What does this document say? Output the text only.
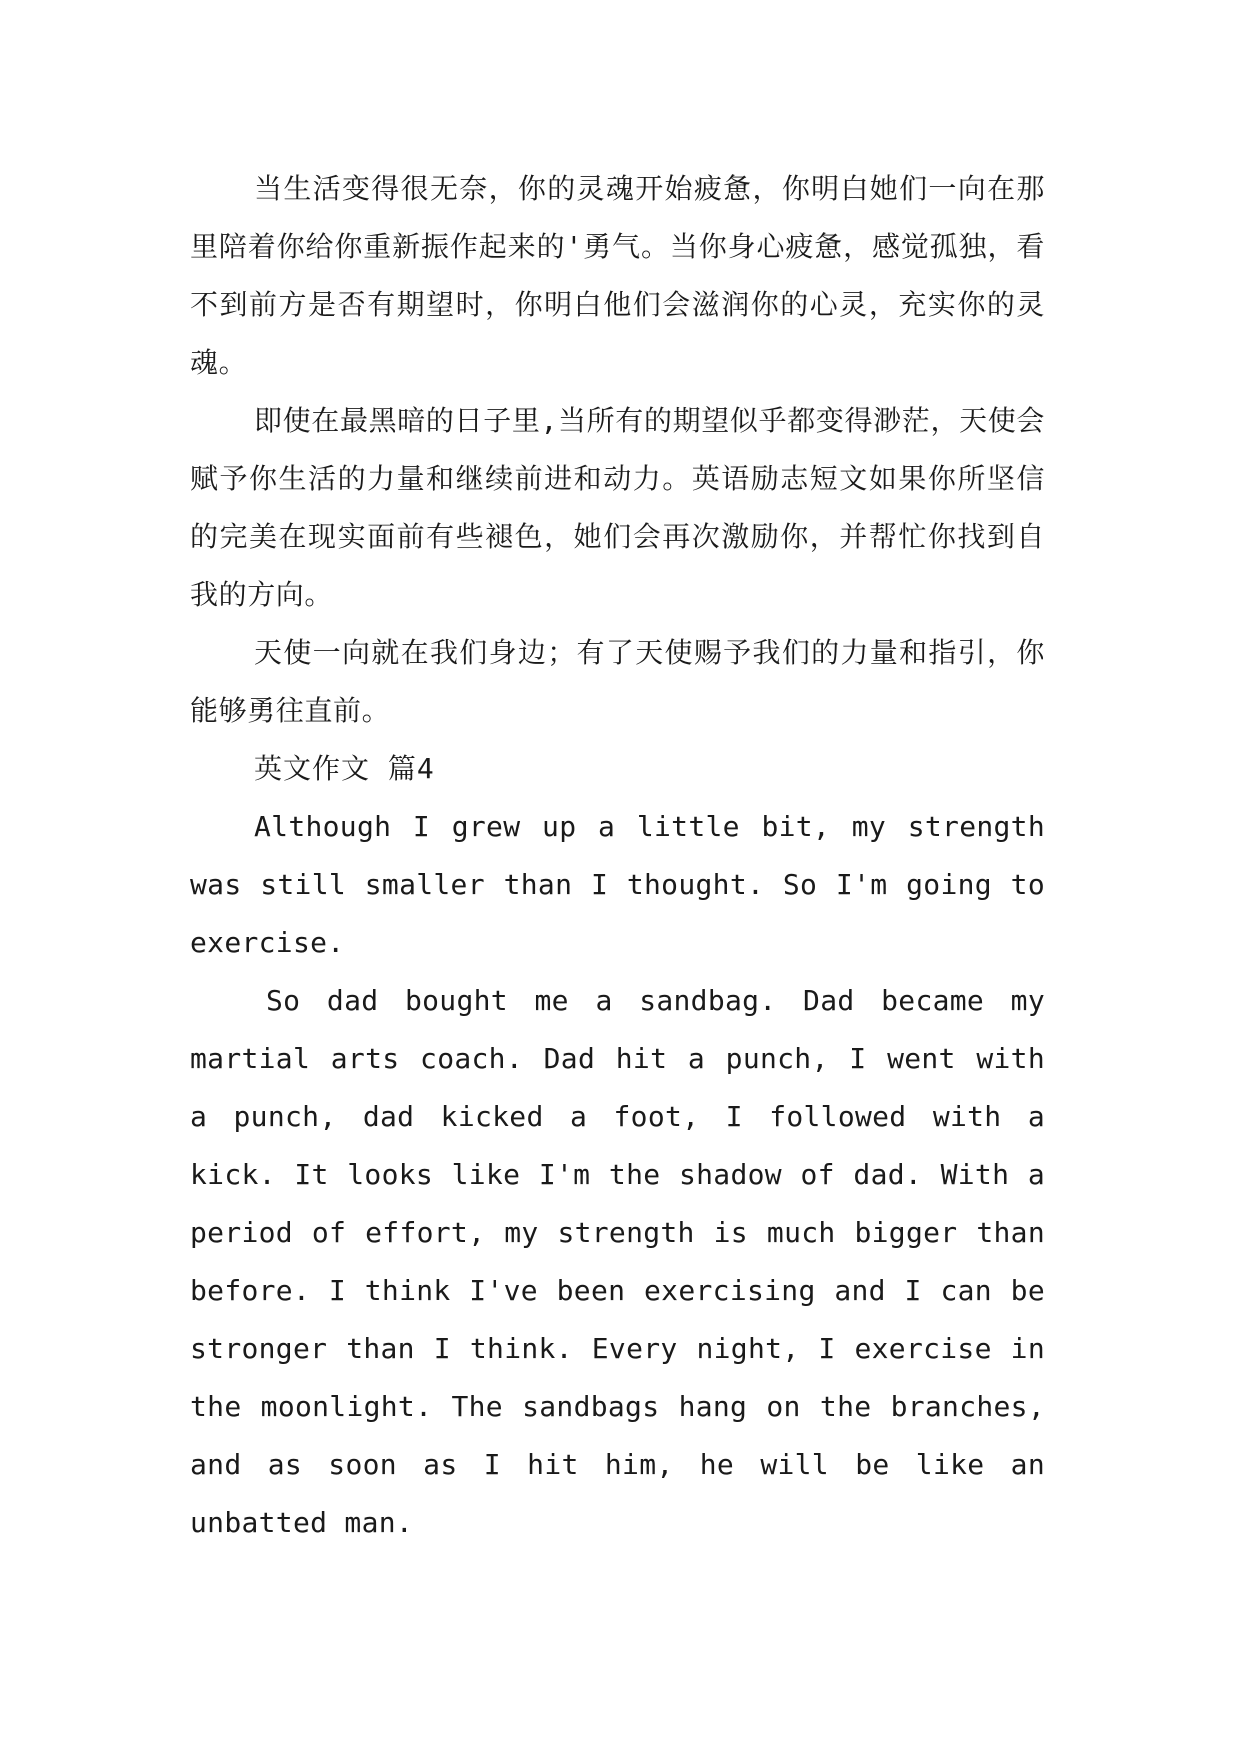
当生活变得很无奈，你的灵魂开始疲惫，你明白她们一向在那里陪着你给你重新振作起来的'勇气。当你身心疲惫，感觉孤独，看不到前方是否有期望时，你明白他们会滋润你的心灵，充实你的灵魂。

即使在最黑暗的日子里,当所有的期望似乎都变得渺茫，天使会赋予你生活的力量和继续前进和动力。英语励志短文如果你所坚信的完美在现实面前有些褪色，她们会再次激励你，并帮忙你找到自我的方向。

天使一向就在我们身边；有了天使赐予我们的力量和指引，你能够勇往直前。

英文作文 篇4

Although I grew up a little bit, my strength was still smaller than I thought. So I'm going to exercise.

So dad bought me a sandbag. Dad became my martial arts coach. Dad hit a punch, I went with a punch, dad kicked a foot, I followed with a kick. It looks like I'm the shadow of dad. With a period of effort, my strength is much bigger than before. I think I've been exercising and I can be stronger than I think. Every night, I exercise in the moonlight. The sandbags hang on the branches, and as soon as I hit him, he will be like an unbatted man.
